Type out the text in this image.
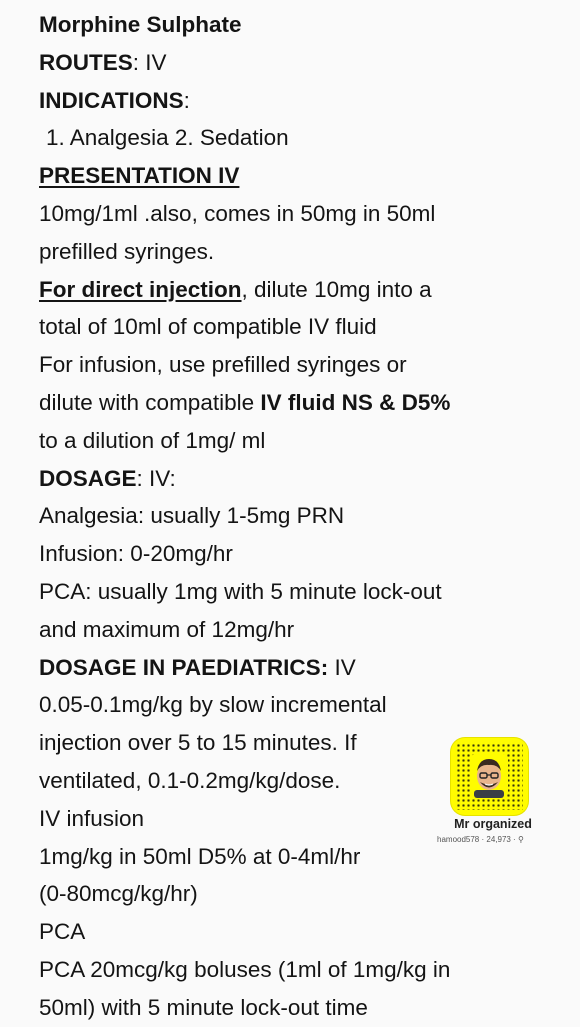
Morphine Sulphate
ROUTES: IV
INDICATIONS:
1. Analgesia 2. Sedation
PRESENTATION IV
10mg/1ml .also, comes in 50mg in 50ml
prefilled syringes.
For direct injection, dilute 10mg into a
total of 10ml of compatible IV fluid
For infusion, use prefilled syringes or
dilute with compatible IV fluid NS & D5%
to a dilution of 1mg/ ml
DOSAGE: IV:
Analgesia: usually 1-5mg PRN
Infusion: 0-20mg/hr
PCA: usually 1mg with 5 minute lock-out
and maximum of 12mg/hr
DOSAGE IN PAEDIATRICS: IV
0.05-0.1mg/kg by slow incremental
injection over 5 to 15 minutes. If
ventilated, 0.1-0.2mg/kg/dose.
IV infusion
1mg/kg in 50ml D5% at 0-4ml/hr
(0-80mcg/kg/hr)
PCA
PCA 20mcg/kg boluses (1ml of 1mg/kg in
50ml) with 5 minute lock-out time
Mr organized
hamood578 · 24,973 · ⚲
